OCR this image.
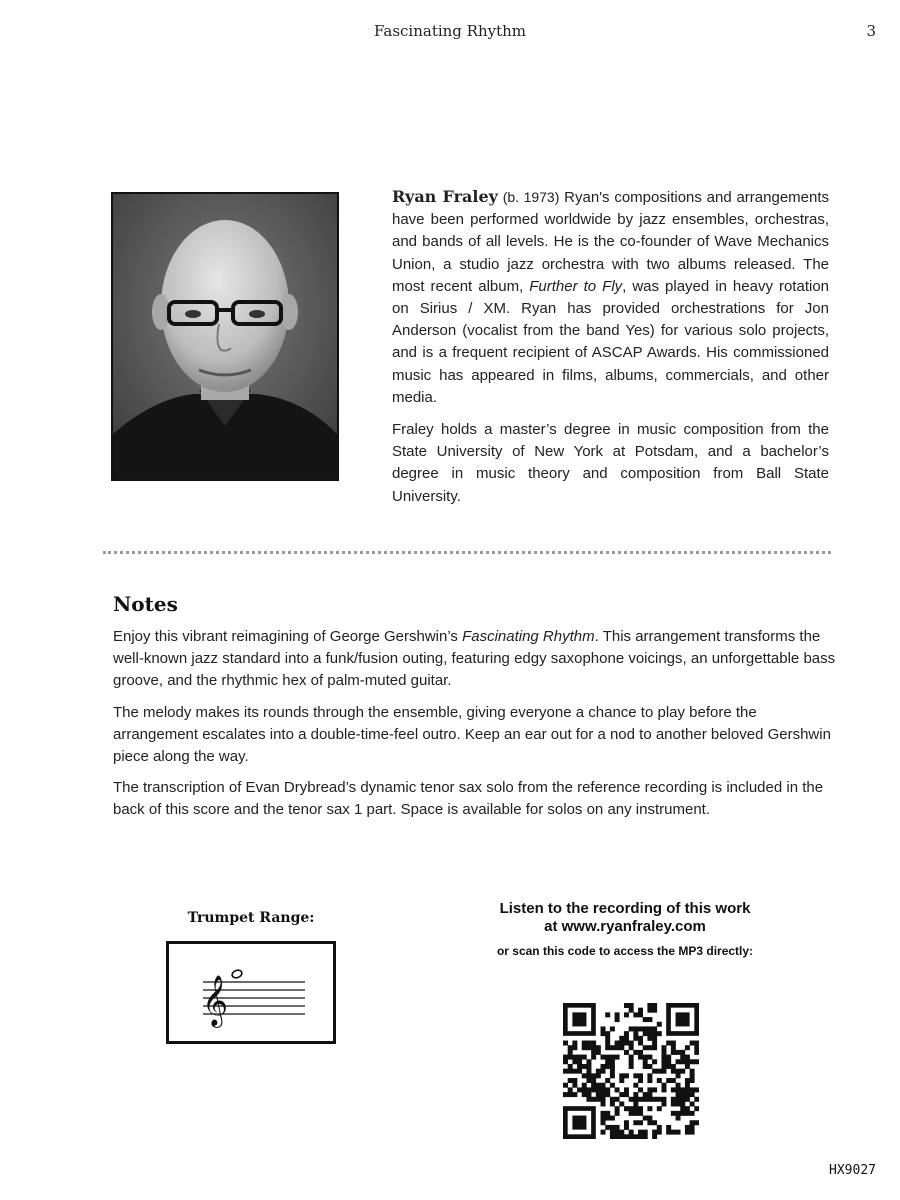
Fascinating Rhythm	3

Ryan Fraley (b. 1973) Ryan's compositions and arrangements have been performed worldwide by jazz ensembles, orchestras, and bands of all levels. He is the co-founder of Wave Mechanics Union, a studio jazz orchestra with two albums released. The most recent album, Further to Fly, was played in heavy rotation on Sirius / XM. Ryan has provided orchestrations for Jon Anderson (vocalist from the band Yes) for various solo projects, and is a frequent recipient of ASCAP Awards. His commissioned music has appeared in films, albums, commercials, and other media.

Fraley holds a master’s degree in music composition from the State University of New York at Potsdam, and a bachelor’s degree in music theory and composition from Ball State University.

Notes

Enjoy this vibrant reimagining of George Gershwin’s Fascinating Rhythm. This arrangement transforms the well-known jazz standard into a funk/fusion outing, featuring edgy saxophone voicings, an unforgettable bass groove, and the rhythmic hex of palm-muted guitar.

The melody makes its rounds through the ensemble, giving everyone a chance to play before the arrangement escalates into a double-time-feel outro. Keep an ear out for a nod to another beloved Gershwin piece along the way.

The transcription of Evan Drybread’s dynamic tenor sax solo from the reference recording is included in the back of this score and the tenor sax 1 part. Space is available for solos on any instrument.

Trumpet Range:
𝄞
Listen to the recording of this work
at www.ryanfraley.com
or scan this code to access the MP3 directly:
HX9027
